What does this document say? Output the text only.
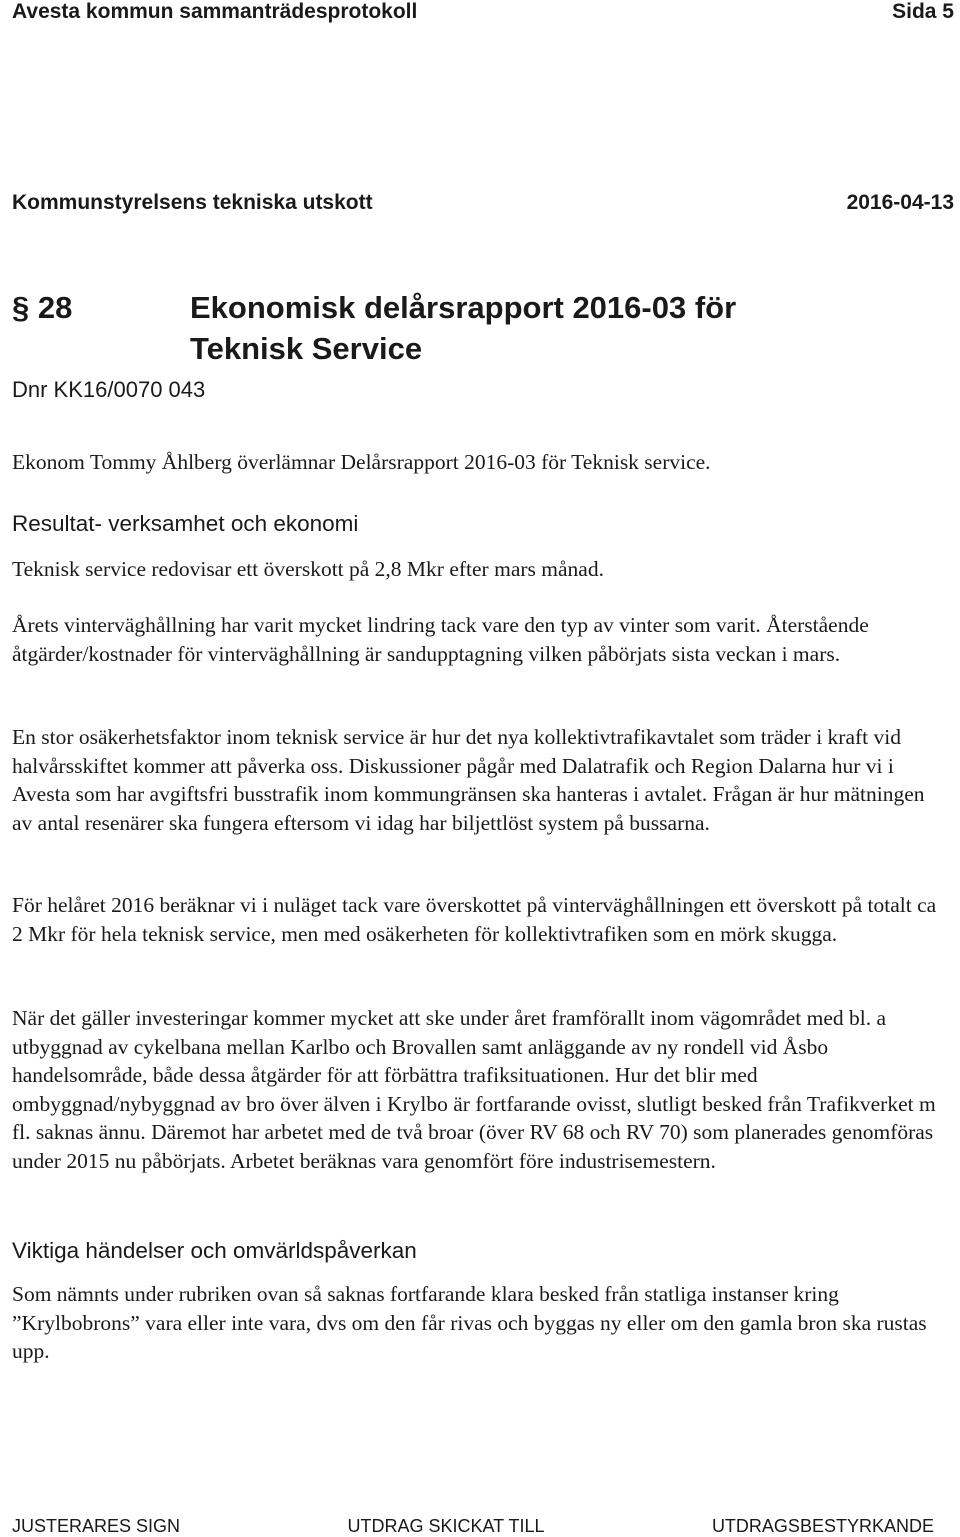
Avesta kommun sammanträdesprotokoll	Sida 5
Kommunstyrelsens tekniska utskott	2016-04-13
§ 28	Ekonomisk delårsrapport 2016-03 för Teknisk Service
Dnr KK16/0070 043

Ekonom Tommy Åhlberg överlämnar Delårsrapport 2016-03 för Teknisk service.

Resultat- verksamhet och ekonomi

Teknisk service redovisar ett överskott på 2,8 Mkr efter mars månad.

Årets vinterväghållning har varit mycket lindring tack vare den typ av vinter som varit. Återstående åtgärder/kostnader för vinterväghållning är sandupptagning vilken påbörjats sista veckan i mars.

En stor osäkerhetsfaktor inom teknisk service är hur det nya kollektivtrafikavtalet som träder i kraft vid halvårsskiftet kommer att påverka oss. Diskussioner pågår med Dalatrafik och Region Dalarna hur vi i Avesta som har avgiftsfri busstrafik inom kommungränsen ska hanteras i avtalet. Frågan är hur mätningen av antal resenärer ska fungera eftersom vi idag har biljettlöst system på bussarna.

För helåret 2016 beräknar vi i nuläget tack vare överskottet på vinterväghållningen ett överskott på totalt ca 2 Mkr för hela teknisk service, men med osäkerheten för kollektivtrafiken som en mörk skugga.

När det gäller investeringar kommer mycket att ske under året framförallt inom vägområdet med bl. a utbyggnad av cykelbana mellan Karlbo och Brovallen samt anläggande av ny rondell vid Åsbo handelsområde, både dessa åtgärder för att förbättra trafiksituationen. Hur det blir med ombyggnad/nybyggnad av bro över älven i Krylbo är fortfarande ovisst, slutligt besked från Trafikverket m fl. saknas ännu. Däremot har arbetet med de två broar (över RV 68 och RV 70) som planerades genomföras under 2015 nu påbörjats. Arbetet beräknas vara genomfört före industrisemestern.

Viktiga händelser och omvärldspåverkan

Som nämnts under rubriken ovan så saknas fortfarande klara besked från statliga instanser kring ”Krylbobrons” vara eller inte vara, dvs om den får rivas och byggas ny eller om den gamla bron ska rustas upp.

JUSTERARES SIGN	UTDRAG SKICKAT TILL	UTDRAGSBESTYRKANDE
